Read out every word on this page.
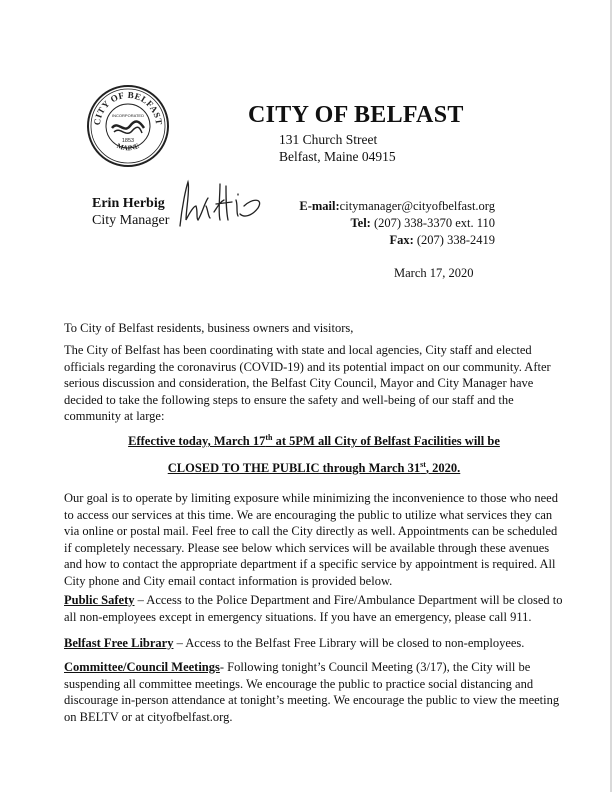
CITY OF BELFAST
MAINE
INCORPORATED
1853
CITY OF BELFAST
131 Church Street
Belfast, Maine 04915
Erin Herbig
City Manager
E-mail:citymanager@cityofbelfast.org
Tel: (207) 338-3370 ext. 110
Fax: (207) 338-2419
March 17, 2020

To City of Belfast residents, business owners and visitors,

The City of Belfast has been coordinating with state and local agencies, City staff and elected officials regarding the coronavirus (COVID-19) and its potential impact on our community. After serious discussion and consideration, the Belfast City Council, Mayor and City Manager have decided to take the following steps to ensure the safety and well-being of our staff and the community at large:

Effective today, March 17th at 5PM all City of Belfast Facilities will be
CLOSED TO THE PUBLIC through March 31st, 2020.

Our goal is to operate by limiting exposure while minimizing the inconvenience to those who need to access our services at this time. We are encouraging the public to utilize what services they can via online or postal mail. Feel free to call the City directly as well. Appointments can be scheduled if completely necessary. Please see below which services will be available through these avenues and how to contact the appropriate department if a specific service by appointment is required. All City phone and City email contact information is provided below.

Public Safety – Access to the Police Department and Fire/Ambulance Department will be closed to all non-employees except in emergency situations. If you have an emergency, please call 911.

Belfast Free Library – Access to the Belfast Free Library will be closed to non-employees.

Committee/Council Meetings- Following tonight’s Council Meeting (3/17), the City will be suspending all committee meetings. We encourage the public to practice social distancing and discourage in-person attendance at tonight’s meeting. We encourage the public to view the meeting on BELTV or at cityofbelfast.org.
